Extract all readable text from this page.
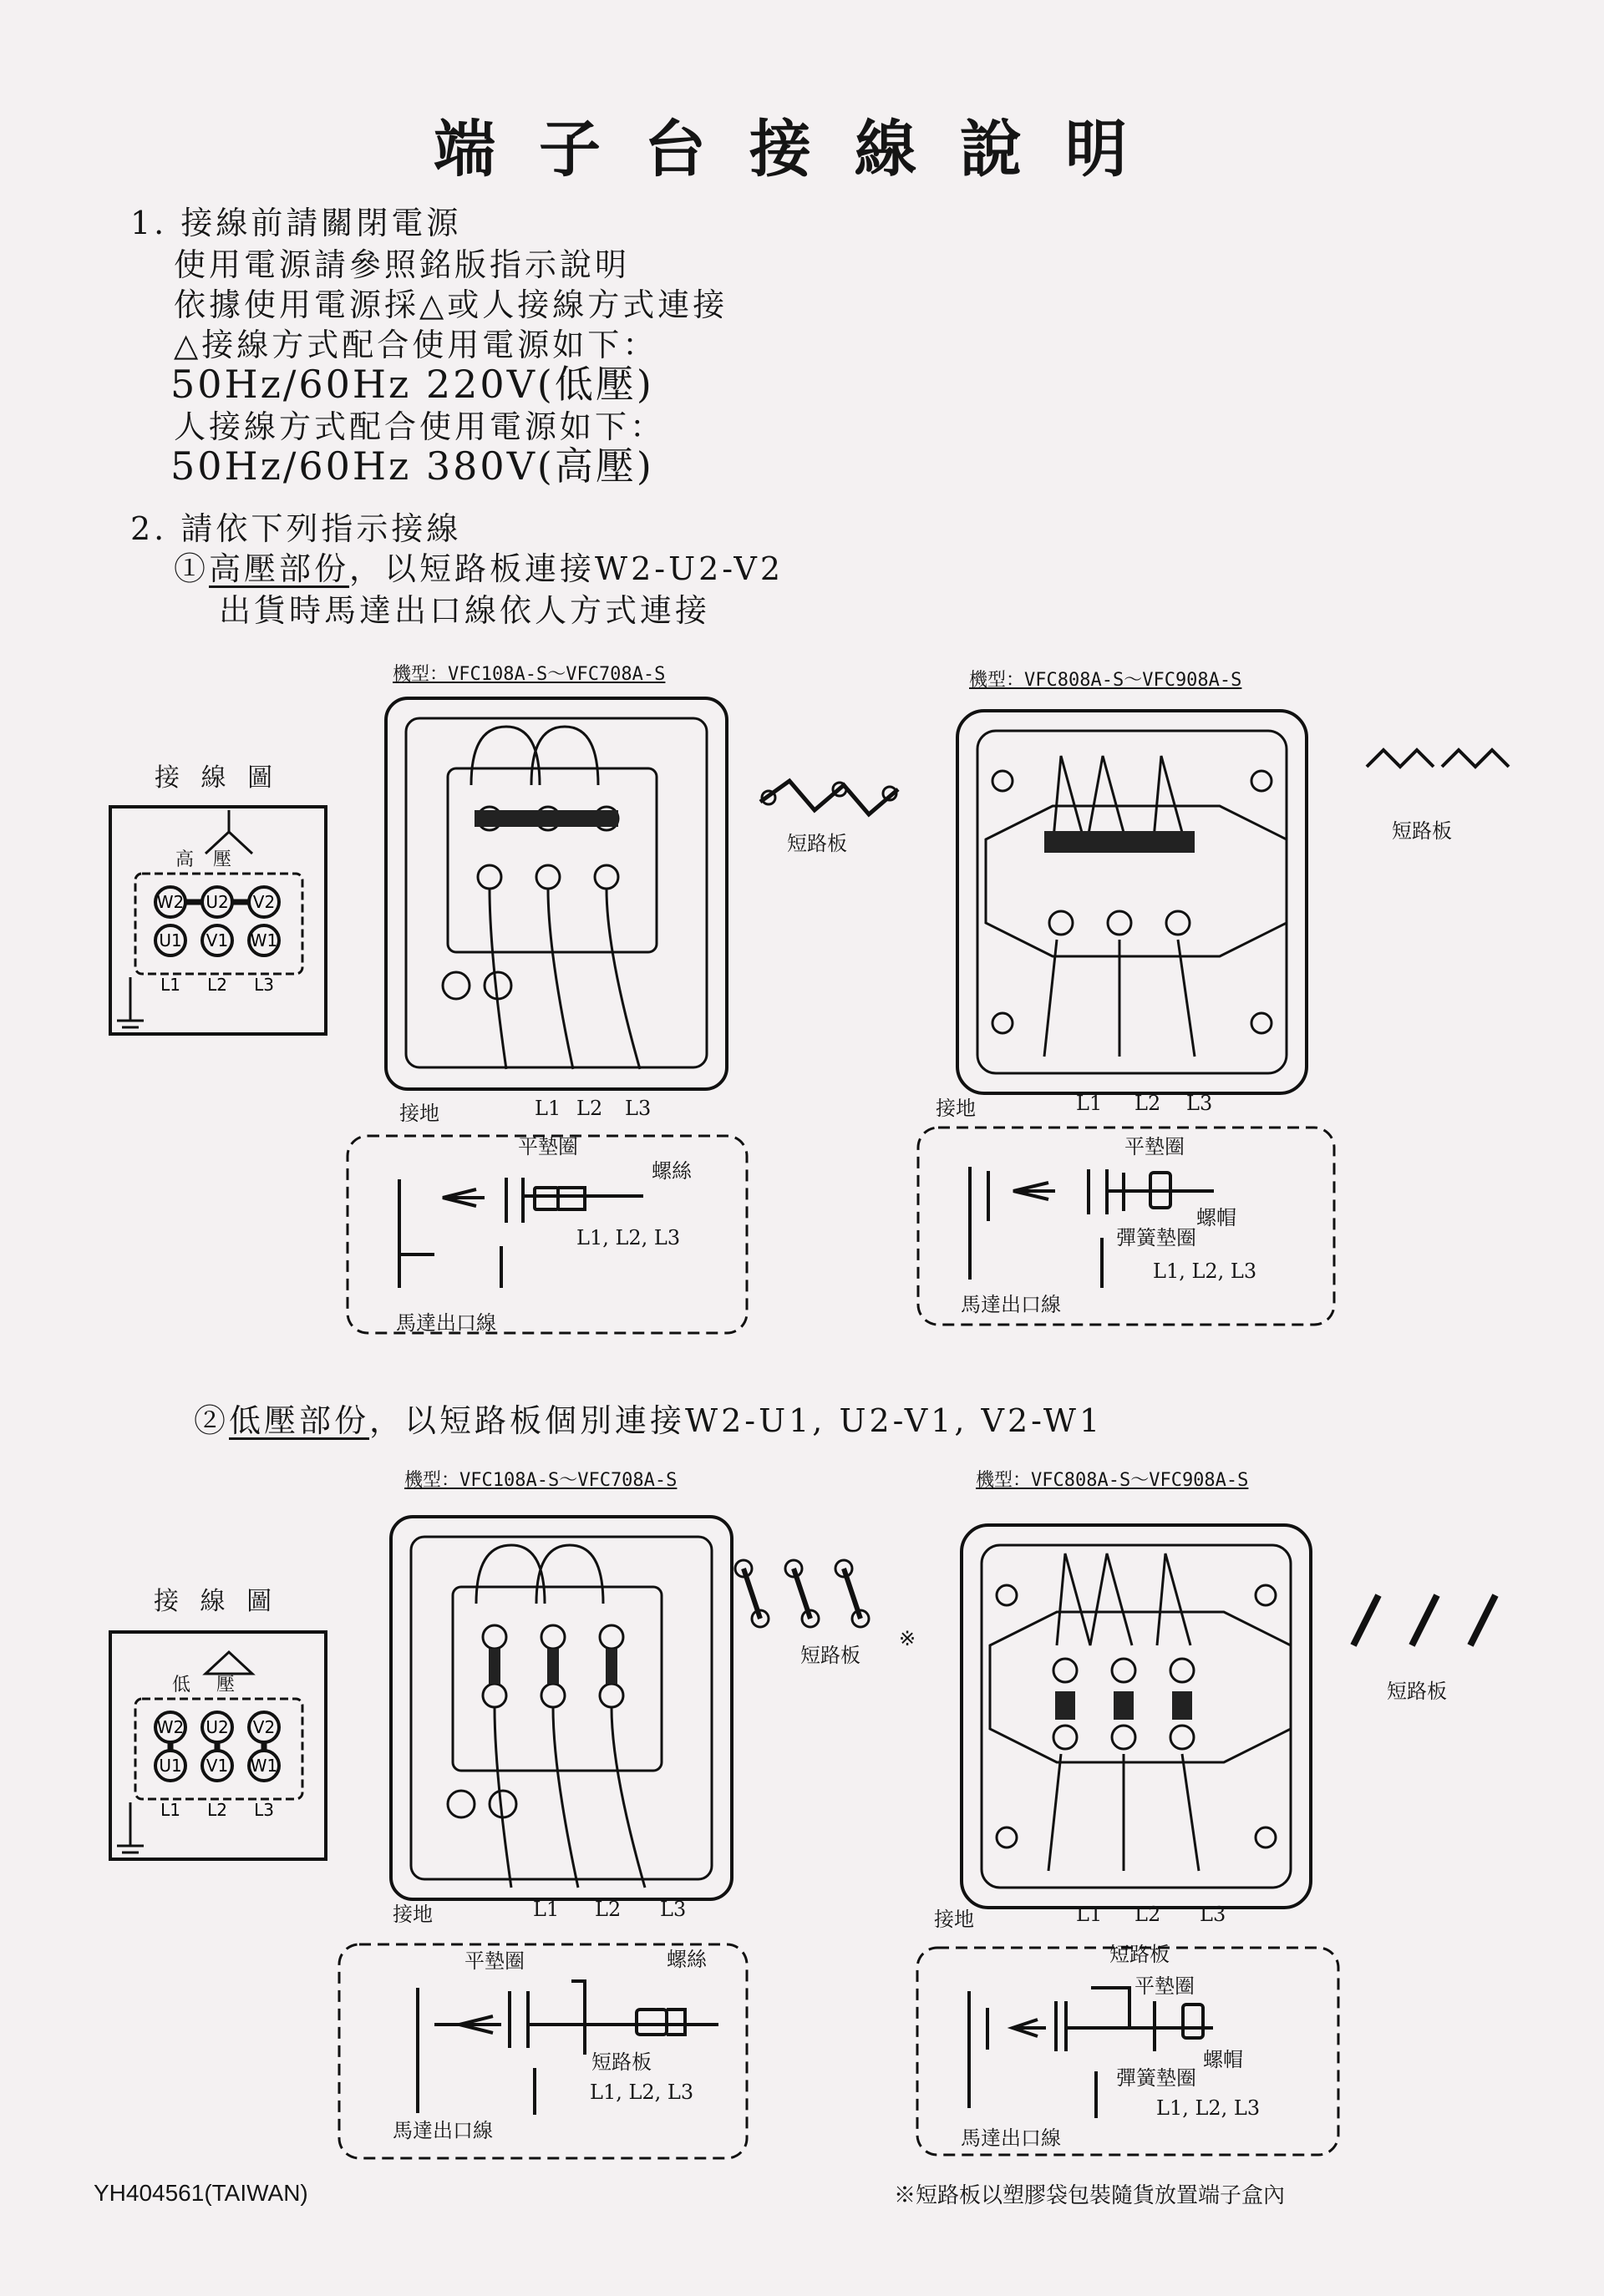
端子台接線說明
1. 接線前請關閉電源
使用電源請參照銘版指示說明
依據使用電源採△或人接線方式連接
△接線方式配合使用電源如下：
50Hz/60Hz 220V(低壓)
人接線方式配合使用電源如下：
50Hz/60Hz 380V(高壓)
2. 請依下列指示接線
①高壓部份，以短路板連接W2-U2-V2
出貨時馬達出口線依人方式連接
②低壓部份，以短路板個別連接W2-U1, U2-V1, V2-W1
機型：VFC108A-S～VFC708A-S	機型：VFC808A-S～VFC908A-S
機型：VFC108A-S～VFC708A-S	機型：VFC808A-S～VFC908A-S
接 線 圖
接 線 圖
W2 U2 V2
U1 V1 W1
L1 L2 L3
高 壓
W2 U2 V2
U1 V1 W1
L1 L2 L3
低 壓
短路板
短路板
短路板
※
短路板
接地	L1 L2 L3	接地	L1 L2 L3
接地	L1 L2 L3	接地	L1 L2 L3
平墊圈
螺絲
L1, L2, L3
馬達出口線
平墊圈
螺帽
彈簧墊圈
L1, L2, L3
馬達出口線
平墊圈	螺絲
短路板
L1, L2, L3
馬達出口線
短路板
平墊圈
螺帽
彈簧墊圈
L1, L2, L3
馬達出口線
YH404561(TAIWAN)	※短路板以塑膠袋包裝隨貨放置端子盒內
